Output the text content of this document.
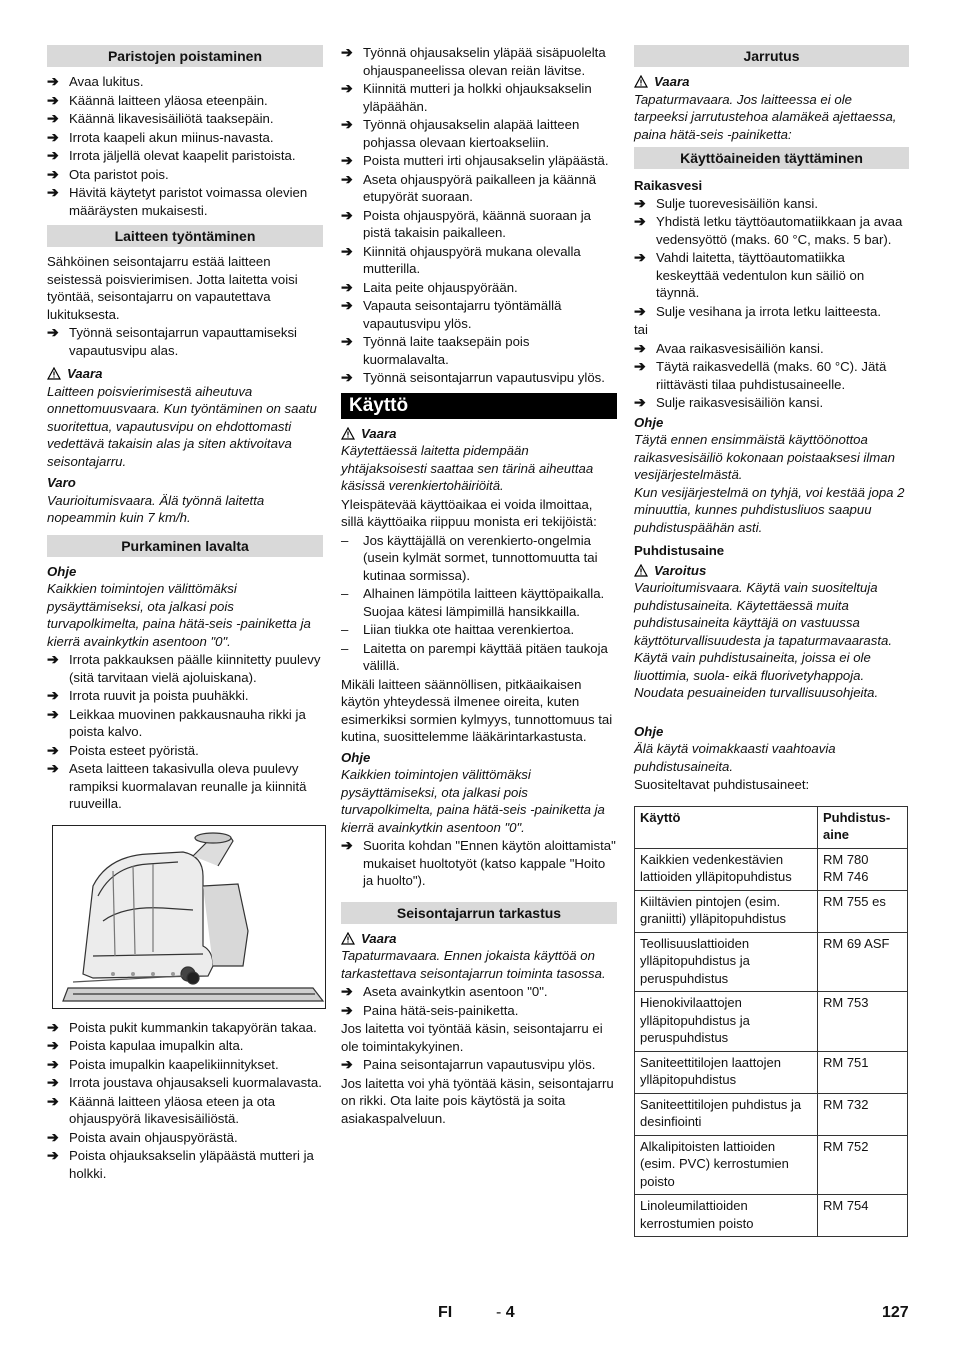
Paristojen poistaminen
➔ Avaa lukitus.
➔ Käännä laitteen yläosa eteenpäin.
➔ Käännä likavesisäiliötä taaksepäin.
➔ Irrota kaapeli akun miinus-navasta.
➔ Irrota jäljellä olevat kaapelit paristoista.
➔ Ota paristot pois.
➔ Hävitä käytetyt paristot voimassa olevien määräysten mukaisesti.
Laitteen työntäminen
Sähköinen seisontajarru estää laitteen seistessä poisvierimisen. Jotta laitetta voisi työntää, seisontajarru on vapautettava lukituksesta.
➔ Työnnä seisontajarrun vapauttamiseksi vapautusvipu alas.
Vaara
Laitteen poisvierimisestä aiheutuva onnettomuusvaara. Kun työntäminen on saatu suoritettua, vapautusvipu on ehdottomasti vedettävä takaisin alas ja siten aktivoitava seisontajarru.
Varo
Vaurioitumisvaara. Älä työnnä laitetta nopeammin kuin 7 km/h.
Purkaminen lavalta
Ohje
Kaikkien toimintojen välittömäksi pysäyttämiseksi, ota jalkasi pois turvapolkimelta, paina hätä-seis -painiketta ja kierrä avainkytkin asentoon "0".
➔ Irrota pakkauksen päälle kiinnitetty puulevy (sitä tarvitaan vielä ajoluiskana).
➔ Irrota ruuvit ja poista puuhäkki.
➔ Leikkaa muovinen pakkausnauha rikki ja poista kalvo.
➔ Poista esteet pyöristä.
➔ Aseta laitteen takasivulla oleva puulevy rampiksi kuormalavan reunalle ja kiinnitä ruuveilla.
➔ Poista pukit kummankin takapyörän takaa.
➔ Poista kapulaa imupalkin alta.
➔ Poista imupalkin kaapelikiinnitykset.
➔ Irrota joustava ohjausakseli kuormalavasta.
➔ Käännä laitteen yläosa eteen ja ota ohjauspyörä likavesisäiliöstä.
➔ Poista avain ohjauspyörästä.
➔ Poista ohjauksakselin yläpäästä mutteri ja holkki.
➔ Työnnä ohjausakselin yläpää sisäpuolelta ohjauspaneelissa olevan reiän lävitse.
➔ Kiinnitä mutteri ja holkki ohjauksakselin yläpäähän.
➔ Työnnä ohjausakselin alapää laitteen pohjassa olevaan kiertoakseliin.
➔ Poista mutteri irti ohjausakselin yläpäästä.
➔ Aseta ohjauspyörä paikalleen ja käännä etupyörät suoraan.
➔ Poista ohjauspyörä, käännä suoraan ja pistä takaisin paikalleen.
➔ Kiinnitä ohjauspyörä mukana olevalla mutterilla.
➔ Laita peite ohjauspyörään.
➔ Vapauta seisontajarru työntämällä vapautusvipu ylös.
➔ Työnnä laite taaksepäin pois kuormalavalta.
➔ Työnnä seisontajarrun vapautusvipu ylös.
Käyttö
Vaara
Käytettäessä laitetta pidempään yhtäjaksoisesti saattaa sen tärinä aiheuttaa käsissä verenkiertohäiriöitä.
Yleispätevää käyttöaikaa ei voida ilmoittaa, sillä käyttöaika riippuu monista eri tekijöistä:
– Jos käyttäjällä on verenkierto-ongelmia (usein kylmät sormet, tunnottomuutta tai kutinaa sormissa).
– Alhainen lämpötila laitteen käyttöpaikalla. Suojaa kätesi lämpimillä hansikkailla.
– Liian tiukka ote haittaa verenkiertoa.
– Laitetta on parempi käyttää pitäen taukoja välillä.
Mikäli laitteen säännöllisen, pitkäaikaisen käytön yhteydessä ilmenee oireita, kuten esimerkiksi sormien kylmyys, tunnottomuus tai kutina, suosittelemme lääkärintarkastusta.
Ohje
Kaikkien toimintojen välittömäksi pysäyttämiseksi, ota jalkasi pois turvapolkimelta, paina hätä-seis -painiketta ja kierrä avainkytkin asentoon "0".
➔ Suorita kohdan "Ennen käytön aloittamista" mukaiset huoltotyöt (katso kappale "Hoito ja huolto").
Seisontajarrun tarkastus
Vaara
Tapaturmavaara. Ennen jokaista käyttöä on tarkastettava seisontajarrun toiminta tasossa.
➔ Aseta avainkytkin asentoon "0".
➔ Paina hätä-seis-painiketta.
Jos laitetta voi työntää käsin, seisontajarru ei ole toimintakykyinen.
➔ Paina seisontajarrun vapautusvipu ylös.
Jos laitetta voi yhä työntää käsin, seisontajarru on rikki. Ota laite pois käytöstä ja soita asiakaspalveluun.
Jarrutus
Vaara
Tapaturmavaara. Jos laitteessa ei ole tarpeeksi jarrutustehoa alamäkeä ajettaessa, paina hätä-seis -painiketta:
Käyttöaineiden täyttäminen
Raikasvesi
➔ Sulje tuorevesisäiliön kansi.
➔ Yhdistä letku täyttöautomatiikkaan ja avaa vedensyöttö (maks. 60 °C, maks. 5 bar).
➔ Vahdi laitetta, täyttöautomatiikka keskeyttää vedentulon kun säiliö on täynnä.
➔ Sulje vesihana ja irrota letku laitteesta.
tai
➔ Avaa raikasvesisäiliön kansi.
➔ Täytä raikasvedellä (maks. 60 °C). Jätä riittävästi tilaa puhdistusaineelle.
➔ Sulje raikasvesisäiliön kansi.
Ohje
Täytä ennen ensimmäistä käyttöönottoa raikasvesisäiliö kokonaan poistaaksesi ilman vesijärjestelmästä.
Kun vesijärjestelmä on tyhjä, voi kestää jopa 2 minuuttia, kunnes puhdistusliuos saapuu puhdistuspäähän asti.
Puhdistusaine
Varoitus
Vaurioitumisvaara. Käytä vain suositeltuja puhdistusaineita. Käytettäessä muita puhdistusaineita käyttäjä on vastuussa käyttöturvallisuudesta ja tapaturmavaarasta. Käytä vain puhdistusaineita, joissa ei ole liuottimia, suola- eikä fluorivetyhappoja. Noudata pesuaineiden turvallisuusohjeita.
Ohje
Älä käytä voimakkaasti vaahtoavia puhdistusaineita.
Suositeltavat puhdistusaineet:
Käyttö	Puhdistus-aine
Kaikkien vedenkestävien lattioiden ylläpitopuhdistus	RM 780
RM 746
Kiiltävien pintojen (esim. graniitti) ylläpitopuhdistus	RM 755 es
Teollisuuslattioiden ylläpitopuhdistus ja peruspuhdistus	RM 69 ASF
Hienokivilaattojen ylläpitopuhdistus ja peruspuhdistus	RM 753
Saniteettitilojen laattojen ylläpitopuhdistus	RM 751
Saniteettitilojen puhdistus ja desinfiointi	RM 732
Alkalipitoisten lattioiden (esim. PVC) kerrostumien poisto	RM 752
Linoleumilattioiden kerrostumien poisto	RM 754
FI	- 4	127
